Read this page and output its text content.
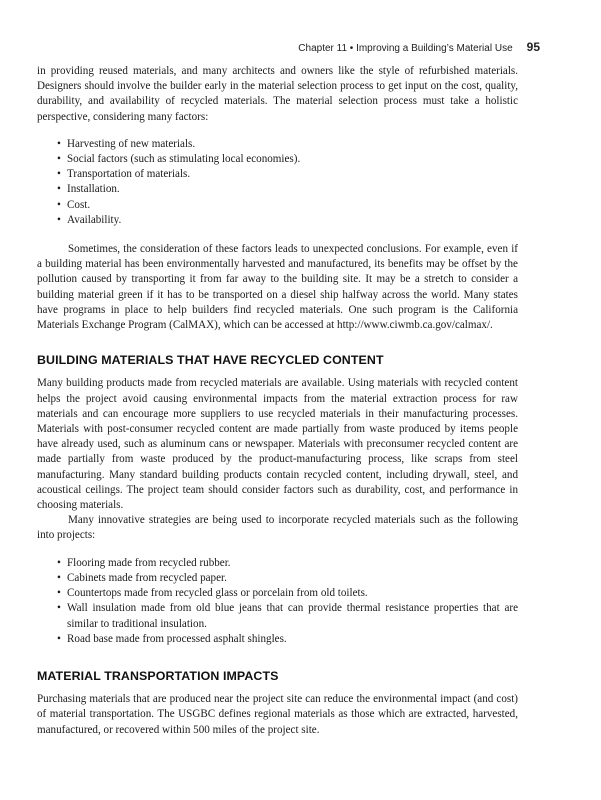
Chapter 11 • Improving a Building’s Material Use 95

in providing reused materials, and many architects and owners like the style of refurbished materials. Designers should involve the builder early in the material selection process to get input on the cost, quality, durability, and availability of recycled materials. The material selection process must take a holistic perspective, considering many factors:

• Harvesting of new materials.
• Social factors (such as stimulating local economies).
• Transportation of materials.
• Installation.
• Cost.
• Availability.

Sometimes, the consideration of these factors leads to unexpected conclusions. For example, even if a building material has been environmentally harvested and manufactured, its benefits may be offset by the pollution caused by transporting it from far away to the building site. It may be a stretch to consider a building material green if it has to be transported on a diesel ship halfway across the world. Many states have programs in place to help builders find recycled materials. One such program is the California Materials Exchange Program (CalMAX), which can be accessed at http://www.ciwmb.ca.gov/calmax/.

BUILDING MATERIALS THAT HAVE RECYCLED CONTENT

Many building products made from recycled materials are available. Using materials with recycled content helps the project avoid causing environmental impacts from the material extraction process for raw materials and can encourage more suppliers to use recycled materials in their manufacturing processes. Materials with post-consumer recycled content are made partially from waste produced by items people have already used, such as aluminum cans or newspaper. Materials with preconsumer recycled content are made partially from waste produced by the product-manufacturing process, like scraps from steel manufacturing. Many standard building products contain recycled content, including drywall, steel, and acoustical ceilings. The project team should consider factors such as durability, cost, and performance in choosing materials.

Many innovative strategies are being used to incorporate recycled materials such as the following into projects:

• Flooring made from recycled rubber.
• Cabinets made from recycled paper.
• Countertops made from recycled glass or porcelain from old toilets.
• Wall insulation made from old blue jeans that can provide thermal resistance properties that are similar to traditional insulation.
• Road base made from processed asphalt shingles.
MATERIAL TRANSPORTATION IMPACTS

Purchasing materials that are produced near the project site can reduce the environmental impact (and cost) of material transportation. The USGBC defines regional materials as those which are extracted, harvested, manufactured, or recovered within 500 miles of the project site.
